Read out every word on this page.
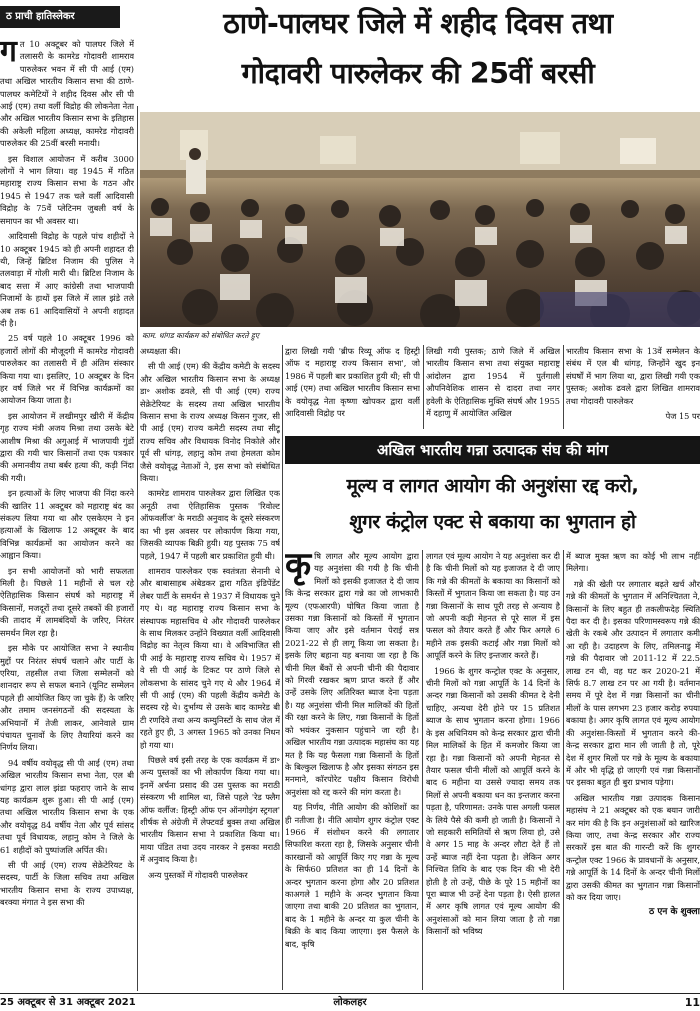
ठ प्राची हातिस्लेकर	ठाणे-पालघर जिले में शहीद दिवस तथा
गोदावरी पारुलेकर की 25वीं बरसी
ग त 10 अक्टूबर को पालघर जिले में तलासरी के कामरेड गोदावरी शामराव पारुलेकर भवन में सी पी आई (एम) तथा अखिल भारतीय किसान सभा की ठाणे-पालघर कमेटियों ने शहीद दिवस और सी पी आई (एम) तथा वर्ली विद्रोह की लोकनेता नेता और अखिल भारतीय किसान सभा के इतिहास की अकेली महिला अध्यक्ष, कामरेड गोदावरी पारुलेकर की 25वीं बरसी मनायी।

इस विशाल आयोजन में करीब 3000 लोगों ने भाग लिया। वह 1945 में गठित महाराष्ट्र राज्य किसान सभा के गठन और 1945 से 1947 तक चले वर्ली आदिवासी विद्रोह के 75वें प्लेटिनम जुबली वर्ष के समापन का भी अवसर था।

आदिवासी विद्रोह के पहले पांच शहीदों ने 10 अक्टूबर 1945 को ही अपनी शहादत दी थी, जिन्हें ब्रिटिश निजाम की पुलिस ने तलवाड़ा में गोली मारी थी। ब्रिटिश निजाम के बाद सत्ता में आए कांग्रेसी तथा भाजपायी निजामों के हाथों इस जिले में लाल झंडे तले अब तक 61 आदिवासियों ने अपनी शहादत दी है।

25 वर्ष पहले 10 अक्टूबर 1996 को हजारों लोगों की मौजूदगी में कामरेड गोदावरी पारुलेकर का तलासरी में ही अंतिम संस्कार किया गया था। इसलिए, 10 अक्टूबर के दिन हर वर्ष जिले भर में विभिन्न कार्यक्रमों का आयोजन किया जाता है।

इस आयोजन में लखीमपुर खीरी में केंद्रीय गृह राज्य मंत्री अजय मिश्रा तथा उसके बेटे आशीष मिश्रा की अगुआई में भाजपायी गुंडों द्वारा की गयी चार किसानों तथा एक पत्रकार की अमानवीय तथा बर्बर हत्या की, कड़ी निंदा की गयी।

इन हत्याओं के लिए भाजपा की निंदा करने की खातिर 11 अक्टूबर को महाराष्ट्र बंद का संकल्प लिया गया था और एसकेएम ने इन हत्याओं के खिलाफ 12 अक्टूबर के बाद विभिन्न कार्यक्रमों का आयोजन करने का आह्वान किया।

इन सभी आयोजनों को भारी सफलता मिली है। पिछले 11 महीनों से चल रहे ऐतिहासिक किसान संघर्ष को महाराष्ट्र में किसानों, मजदूरों तथा दूसरे तबकों की हजारों की तादाद में लामबंदियों के जरिए, निरंतर समर्थन मिल रहा है।

इस मौके पर आयोजित सभा ने स्थानीय मुद्दों पर निरंतर संघर्ष चलाने और पार्टी के एरिया, तहसील तथा जिला सम्मेलनों को शानदार रूप से सफल बनाने (यूनिट सम्मेलन पहले ही आयोजित किए जा चुके हैं) के जरिए और तमाम जनसंगठनों की सदस्यता के अभियानों में तेजी लाकर, आनेवाले ग्राम पंचायत चुनावों के लिए तैयारियां करने का निर्णय लिया।

94 वर्षीय वयोवृद्ध सी पी आई (एम) तथा अखिल भारतीय किसान सभा नेता, एल बी धांगड़ द्वारा लाल झंडा फहराए जाने के साथ यह कार्यक्रम शुरू हुआ। सी पी आई (एम) तथा अखिल भारतीय किसान सभा के एक और वयोवृद्ध 84 वर्षीय नेता और पूर्व सांसद तथा पूर्व विधायक, लहानु कोम ने जिले के 61 शहीदों को पुष्पांजलि अर्पित की।

सी पी आई (एम) राज्य सेक्रेटेरियट के सदस्य, पार्टी के जिला सचिव तथा अखिल भारतीय किसान सभा के राज्य उपाध्यक्ष, बरक्या मंगात ने इस सभा की

काम. धांगड कार्यक्रम को संबोधित करते हुए

अध्यक्षता की।

सी पी आई (एम) की केंद्रीय कमेटी के सदस्य और अखिल भारतीय किसान सभा के अध्यक्ष डा॰ अशोक ढवले, सी पी आई (एम) राज्य सेक्रेटेरियट के सदस्य तथा अखिल भारतीय किसान सभा के राज्य अध्यक्ष किसन गुजर, सी पी आई (एम) राज्य कमेटी सदस्य तथा सीटू राज्य सचिव और विधायक विनोद निकोले और पूर्व सी धांगड़, लहानु कोम तथा हेमलता कोम जैसे वयोवृद्ध नेताओं ने, इस सभा को संबोधित किया।

कामरेड शामराव पारुलेकर द्वारा लिखित एक अनूठी तथा ऐतिहासिक पुस्तक 'रिवोल्ट ऑफवर्लीज' के मराठी अनुवाद के दूसरे संस्करण का भी इस अवसर पर लोकार्पण किया गया, जिसकी व्यापक बिक्री हुयी। यह पुस्तक 75 वर्ष पहले, 1947 में पहली बार प्रकाशित हुयी थी।

शामराव पारुलेकर एक स्वतंत्रता सेनानी थे और बाबासाहब अंबेडकर द्वारा गठित इंडिपेंडेंट लेबर पार्टी के समर्थन से 1937 में विधायक चुने गए थे। वह महाराष्ट्र राज्य किसान सभा के संस्थापक महासचिव थे और गोदावरी पारुलेकर के साथ मिलकर उन्होंने विख्यात वर्ली आदिवासी विद्रोह का नेतृत्व किया था। वे अविभाजित सी पी आई के महाराष्ट्र राज्य सचिव थे। 1957 में वे सी पी आई के टिकट पर ठाणे जिले से लोकसभा के सांसद चुने गए थे और 1964 में सी पी आई (एम) की पहली केंद्रीय कमेटी के सदस्य रहे थे। दुर्भाग्य से उसके बाद कामरेड बी टी रणदिवे तथा अन्य कम्युनिस्टों के साथ जेल में रहते हुए ही, 3 अगस्त 1965 को उनका निधन हो गया था।

पिछले वर्ष इसी तरह के एक कार्यक्रम में डा॰ अन्य पुस्तकों का भी लोकार्पण किया गया था। इनमें अर्चना प्रसाद की उस पुस्तक का मराठी संस्करण भी शामिल था, जिसे पहले 'रेड फ्लैग ऑफ वर्लीज: हिस्ट्री ऑफ एन ऑनगोइंग स्ट्रगल' शीर्षक से अंग्रेजी में लेफ्टवर्ड बुक्स तथा अखिल भारतीय किसान सभा ने प्रकाशित किया था। माया पंडित तथा उदय नारकर ने इसका मराठी में अनुवाद किया है।

अन्य पुस्तकों में गोदावरी पारुलेकर

द्वारा लिखी गयी 'ब्रीफ रिव्यू ऑफ द हिस्ट्री ऑफ द महाराष्ट्र राज्य किसान सभा', जो 1986 में पहली बार प्रकाशित हुयी थी; सी पी आई (एम) तथा अखिल भारतीय किसान सभा के वयोवृद्ध नेता कृष्णा खोपकर द्वारा वर्ली आदिवासी विद्रोह पर

लिखी गयी पुस्तक; ठाणे जिले में अखिल भारतीय किसान सभा तथा संयुक्त महाराष्ट्र आंदोलन द्वारा 1954 में पुर्तगाली औपनिवेशिक शासन से दादरा तथा नगर हवेली के ऐतिहासिक मुक्ति संघर्ष और 1955 में दहाणु में आयोजित अखिल

भारतीय किसान सभा के 13वें सम्मेलन के संबंध में एल बी धांगड़, जिन्होंने खुद इन संघर्षों में भाग लिया था, द्वारा लिखी गयी एक पुस्तक; अशोक ढवले द्वारा लिखित शामराव तथा गोदावरी पारुलेकर

पेज 15 पर
अखिल भारतीय गन्ना उत्पादक संघ की मांग
मूल्य व लागत आयोग की अनुशंसा रद्द करो,
शुगर कंट्रोल एक्ट से बकाया का भुगतान हो
कृ षि लागत और मूल्य आयोग द्वारा यह अनुशंसा की गयी है कि चीनी मिलों को इसकी इजाजत दे दी जाय कि केन्द्र सरकार द्वारा गन्ने का जो लाभकारी मूल्य (एफआरपी) घोषित किया जाता है उसका गन्ना किसानों को किस्तों में भुगतान किया जाए और इसे वर्तमान पेराई सत्र 2021-22 से ही लागू किया जा सकता है। इसके लिए बहाना यह बनाया जा रहा है कि चीनी मिल बैंकों से अपनी चीनी की पैदावार को गिरवी रखकर ऋण प्राप्त करते हैं और उन्हें उसके लिए अतिरिक्त ब्याज देना पड़ता है। यह अनुशंसा चीनी मिल मालिकों की हितों की रक्षा करने के लिए, गन्ना किसानों के हितों को भयंकर नुकसान पहुंचाने जा रही है। अखिल भारतीय गन्ना उत्पादक महासंघ का यह मत है कि यह फैसला गन्ना किसानों के हितों के बिल्कुल खिलाफ है और इसका संगठन इस मनमाने, कॉरपोरेट पक्षीय किसान विरोधी अनुशंसा को रद्द करने की मांग करता है।

यह निर्णय, नीति आयोग की कोशिशों का ही नतीजा है। नीति आयोग शुगर कंट्रोल एक्ट 1966 में संशोधन करने की लगातार सिफारिश करता रहा है, जिसके अनुसार चीनी कारखानों को आपूर्ति किए गए गन्ना के मूल्य के सिर्फ60 प्रतिशत का ही 14 दिनों के अन्दर भुगतान करना होगा और 20 प्रतिशत काअगले 1 महीने के अन्दर भुगतान किया जाएगा तथा बाकी 20 प्रतिशत का भुगतान, बाद के 1 महीने के अन्दर या कुल चीनी के बिक्री के बाद किया जाएगा। इस फैसले के बाद, कृषि

लागत एवं मूल्य आयोग ने यह अनुशंसा कर दी है कि चीनी मिलों को यह इजाजत दे दी जाए कि गन्ने की कीमतों के बकाया का किसानों को किस्तों में भुगतान किया जा सकता है। यह उन गन्ना किसानों के साथ पूरी तरह से अन्याय है जो अपनी कड़ी मेहनत से पूरे साल में इस फसल को तैयार करते हैं और फिर अगले 6 महीने तक इसकी कटाई और गन्ना मिलों को आपूर्ति करने के लिए इन्तजार करते हैं।

1966 के शुगर कन्ट्रोल एक्ट के अनुसार, चीनी मिलों को गन्ना आपूर्ति के 14 दिनों के अन्दर गन्ना किसानों को उसकी कीमत दे देनी चाहिए, अन्यथा देरी होने पर 15 प्रतिशत ब्याज के साथ भुगतान करना होगा। 1966 के इस अधिनियम को केन्द्र सरकार द्वारा चीनी मिल मालिकों के हित में कमजोर किया जा रहा है। गन्ना किसानों को अपनी मेहनत से तैयार फसल चीनी मीलों को आपूर्ति करने के बाद 6 महीना या उससे ज्यादा समय तक मिलों से अपनी बकाया धन का इन्तजार करना पड़ता है, परिणामत: उनके पास अगली फसल के लिये पैसे की कमी हो जाती है। किसानों ने जो सहकारी समितियों से ऋण लिया हो, उसे वे अगर 15 माह के अन्दर लौटा देते हैं तो उन्हें ब्याज नहीं देना पड़ता है। लेकिन अगर निश्चित तिथि के बाद एक दिन की भी देरी होती है तो उन्हें, पीछे के पूरे 15 महीनों का पूरा ब्याज भी उन्हें देना पड़ता है। ऐसी हालत में अगर कृषि लागत एवं मूल्य आयोग की अनुशंसाओं को मान लिया जाता है तो गन्ना किसानों को भविष्य

में ब्याज मुक्त ऋण का कोई भी लाभ नहीं मिलेगा।

गन्ने की खेती पर लगातार बढ़ते खर्च और गन्ने की कीमतों के भुगतान में अनिश्चितता ने, किसानों के लिए बहुत ही तकलीफदेह स्थिति पैदा कर दी है। इसका परिणामस्वरूप गन्ने की खेती के रकबे और उत्पादन में लगातार कमी आ रही है। उदाहरण के लिए, तमिलनाडु में गन्ने की पैदावार जो 2011-12 में 22.5 लाख टन थी, वह घट कर 2020-21 में सिर्फ 8.7 लाख टन पर आ गयी है। वर्तमान समय में पूरे देश में गन्ना किसानों का चीनी मीलों के पास लगभग 23 हजार करोड़ रुपया बकाया है। अगर कृषि लागत एवं मूल्य आयोग की अनुशंसा-किस्तों में भुगतान करने की- केन्द्र सरकार द्वारा मान ली जाती है तो, पूरे देश में शुगर मिलों पर गन्ने के मूल्य के बकाया में और भी वृद्धि हो जाएगी एवं गन्ना किसानों पर इसका बहुत ही बुरा प्रभाव पड़ेगा।

अखिल भारतीय गन्ना उत्पादक किसान महासंघ ने 21 अक्टूबर को एक बयान जारी कर मांग की है कि इन अनुशंसाओं को खारिज किया जाए, तथा केन्द्र सरकार और राज्य सरकारें इस बात की गारन्टी करें कि शुगर कन्ट्रोल एक्ट 1966 के प्रावधानों के अनुसार, गन्ने आपूर्ति के 14 दिनों के अन्दर चीनी मिलों द्वारा उसकी कीमत का भुगतान गन्ना किसानों को कर दिया जाए।

ठ एन के शुक्ला
25 अक्टूबर से 31 अक्टूबर 2021	लोकलहर	11
